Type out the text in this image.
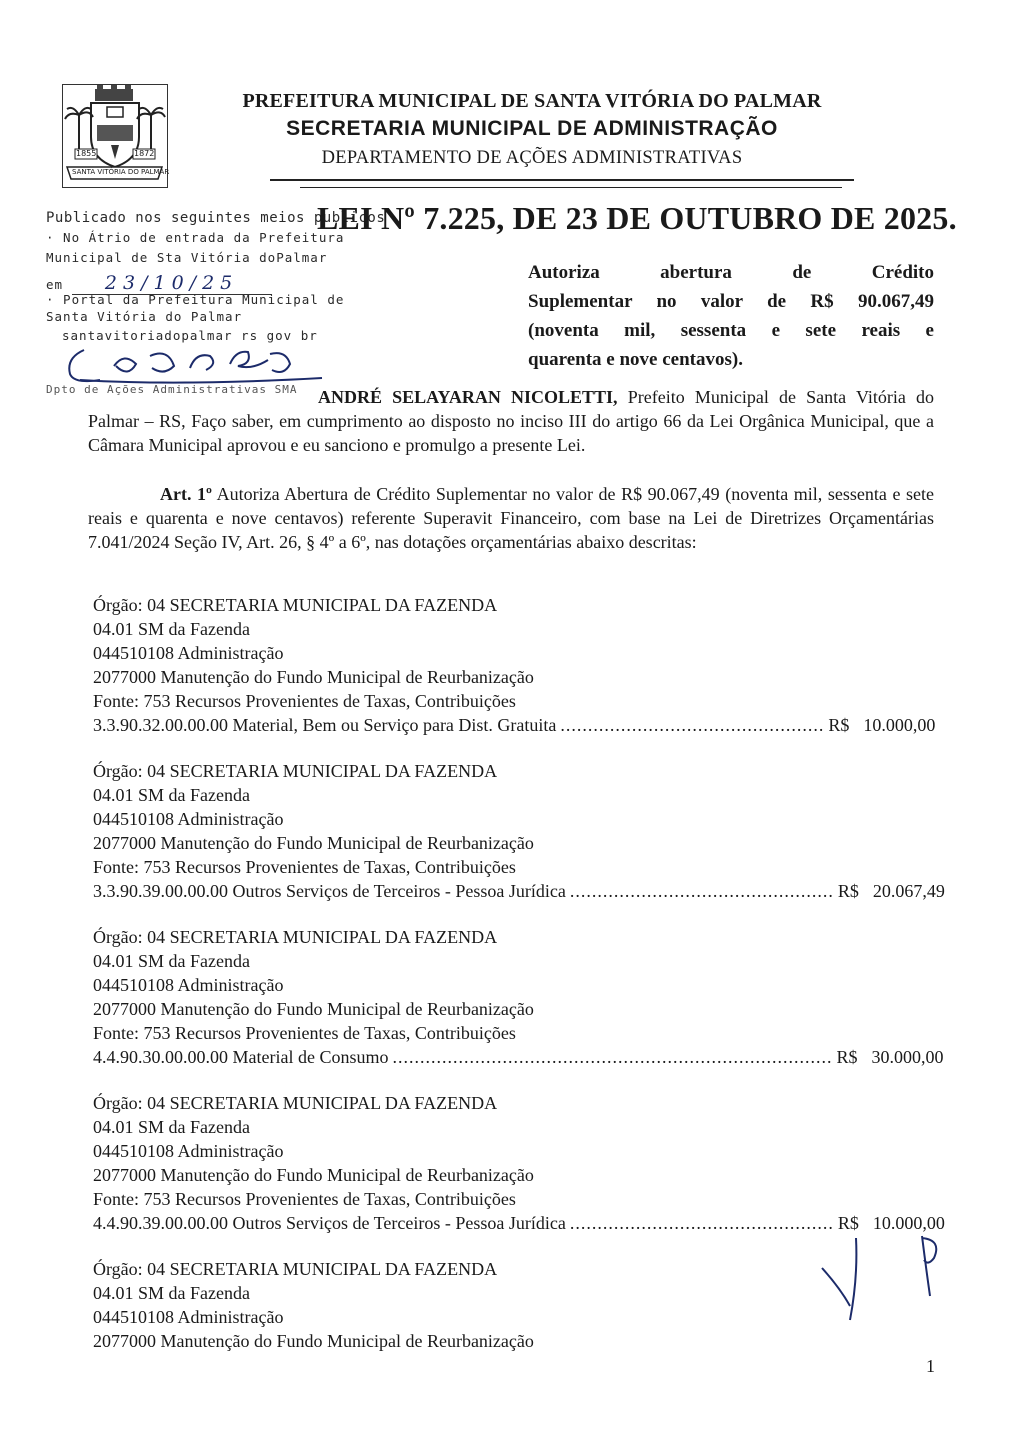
1855	1872
SANTA VITÓRIA DO PALMAR
PREFEITURA MUNICIPAL DE SANTA VITÓRIA DO PALMAR
SECRETARIA MUNICIPAL DE ADMINISTRAÇÃO
DEPARTAMENTO DE AÇÕES ADMINISTRATIVAS
Publicado nos seguintes meios publicos
· No Átrio de entrada da Prefeitura
Municipal de Sta Vitória doPalmar
em 23/10/25
· Portal da Prefeitura Municipal de
Santa Vitória do Palmar
santavitoriadopalmar rs gov br
Dpto de Ações Administrativas SMA
LEI Nº 7.225, DE 23 DE OUTUBRO DE 2025.
Autoriza abertura de Crédito
Suplementar no valor de R$ 90.067,49
(noventa mil, sessenta e sete reais e
quarenta e nove centavos).
ANDRÉ SELAYARAN NICOLETTI, Prefeito Municipal de Santa Vitória do Palmar – RS, Faço saber, em cumprimento ao disposto no inciso III do artigo 66 da Lei Orgânica Municipal, que a Câmara Municipal aprovou e eu sanciono e promulgo a presente Lei.
Art. 1º Autoriza Abertura de Crédito Suplementar no valor de R$ 90.067,49 (noventa mil, sessenta e sete reais e quarenta e nove centavos) referente Superavit Financeiro, com base na Lei de Diretrizes Orçamentárias 7.041/2024 Seção IV, Art. 26, § 4º a 6º, nas dotações orçamentárias abaixo descritas:
Órgão: 04 SECRETARIA MUNICIPAL DA FAZENDA
04.01 SM da Fazenda
044510108 Administração
2077000 Manutenção do Fundo Municipal de Reurbanização
Fonte: 753 Recursos Provenientes de Taxas, Contribuições
3.3.90.32.00.00.00 Material, Bem ou Serviço para Dist. Gratuita ................................................ R$ 10.000,00
Órgão: 04 SECRETARIA MUNICIPAL DA FAZENDA
04.01 SM da Fazenda
044510108 Administração
2077000 Manutenção do Fundo Municipal de Reurbanização
Fonte: 753 Recursos Provenientes de Taxas, Contribuições
3.3.90.39.00.00.00 Outros Serviços de Terceiros - Pessoa Jurídica ................................................ R$ 20.067,49
Órgão: 04 SECRETARIA MUNICIPAL DA FAZENDA
04.01 SM da Fazenda
044510108 Administração
2077000 Manutenção do Fundo Municipal de Reurbanização
Fonte: 753 Recursos Provenientes de Taxas, Contribuições
4.4.90.30.00.00.00 Material de Consumo ................................................................................ R$ 30.000,00
Órgão: 04 SECRETARIA MUNICIPAL DA FAZENDA
04.01 SM da Fazenda
044510108 Administração
2077000 Manutenção do Fundo Municipal de Reurbanização
Fonte: 753 Recursos Provenientes de Taxas, Contribuições
4.4.90.39.00.00.00 Outros Serviços de Terceiros - Pessoa Jurídica ................................................ R$ 10.000,00
Órgão: 04 SECRETARIA MUNICIPAL DA FAZENDA
04.01 SM da Fazenda
044510108 Administração
2077000 Manutenção do Fundo Municipal de Reurbanização
1
